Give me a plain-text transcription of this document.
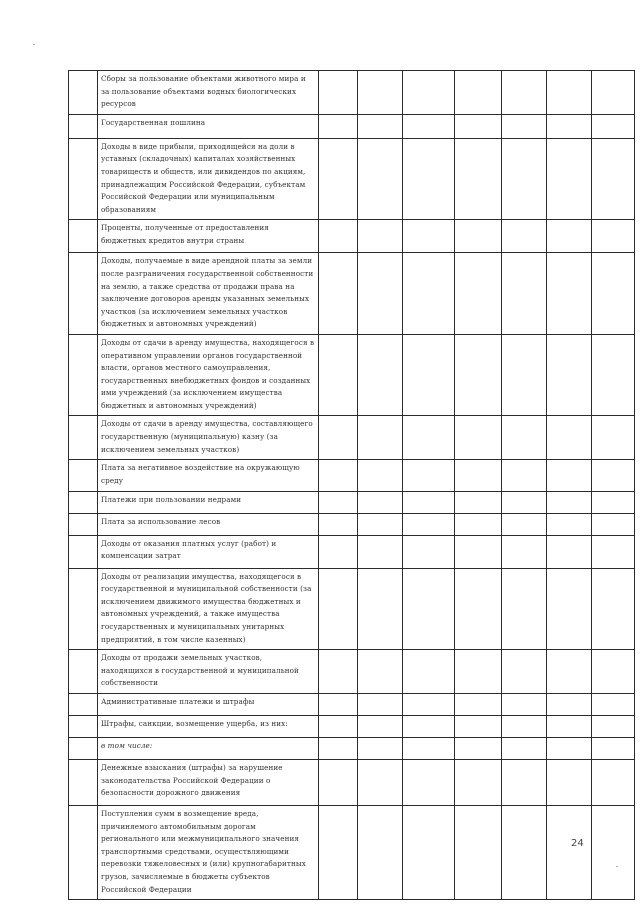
	Сборы за пользование объектами животного мира и за пользование объектами водных биологических ресурсов							
	Государственная пошлина							
	Доходы в виде прибыли, приходящейся на доли в уставных (складочных) капиталах хозяйственных товариществ и обществ, или дивидендов по акциям, принадлежащим Российской Федерации, субъектам Российской Федерации или муниципальным образованиям							
	Проценты, полученные от предоставления бюджетных кредитов внутри страны							
	Доходы, получаемые в виде арендной платы за земли после разграничения государственной собственности на землю, а также средства от продажи права на заключение договоров аренды указанных земельных участков (за исключением земельных участков бюджетных и автономных учреждений)							
	Доходы от сдачи в аренду имущества, находящегося в оперативном управлении органов государственной власти, органов местного самоуправления, государственных внебюджетных фондов и созданных ими учреждений (за исключением имущества бюджетных и автономных учреждений)							
	Доходы от сдачи в аренду имущества, составляющего государственную (муниципальную) казну (за исключением земельных участков)							
	Плата за негативное воздействие на окружающую среду							
	Платежи при пользовании недрами							
	Плата за использование лесов							
	Доходы от оказания платных услуг (работ) и компенсации затрат							
	Доходы от реализации имущества, находящегося в государственной и муниципальной собственности (за исключением движимого имущества бюджетных и автономных учреждений, а также имущества государственных и муниципальных унитарных предприятий, в том числе казенных)							
	Доходы от продажи земельных участков, находящихся в государственной и муниципальной собственности							
	Административные платежи и штрафы							
	Штрафы, санкции, возмещение ущерба, из них:							
	в том числе:							
	Денежные взыскания (штрафы) за нарушение законодательства Российской Федерации о безопасности дорожного движения							
	Поступления сумм в возмещение вреда, причиняемого автомобильным дорогам регионального или межмуниципального значения транспортными средствами, осуществляющими перевозки тяжеловесных и (или) крупногабаритных грузов, зачисляемые в бюджеты субъектов Российской Федерации							
24
